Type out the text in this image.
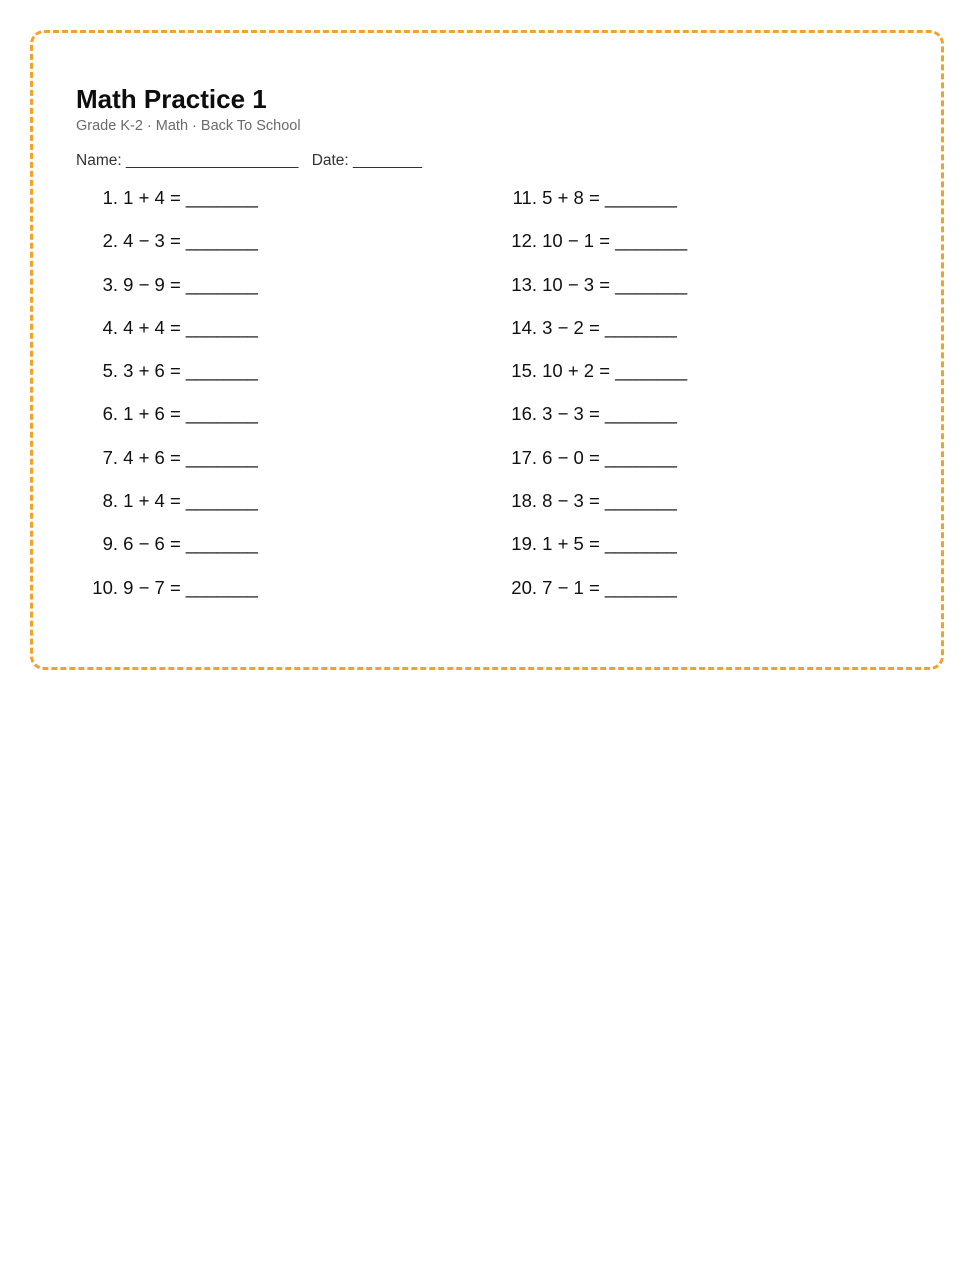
Math Practice 1
Grade K-2 · Math · Back To School
Name: ____________________ Date: ________
1. 1 + 4 = _______
2. 4 − 3 = _______
3. 9 − 9 = _______
4. 4 + 4 = _______
5. 3 + 6 = _______
6. 1 + 6 = _______
7. 4 + 6 = _______
8. 1 + 4 = _______
9. 6 − 6 = _______
10. 9 − 7 = _______
11. 5 + 8 = _______
12. 10 − 1 = _______
13. 10 − 3 = _______
14. 3 − 2 = _______
15. 10 + 2 = _______
16. 3 − 3 = _______
17. 6 − 0 = _______
18. 8 − 3 = _______
19. 1 + 5 = _______
20. 7 − 1 = _______
